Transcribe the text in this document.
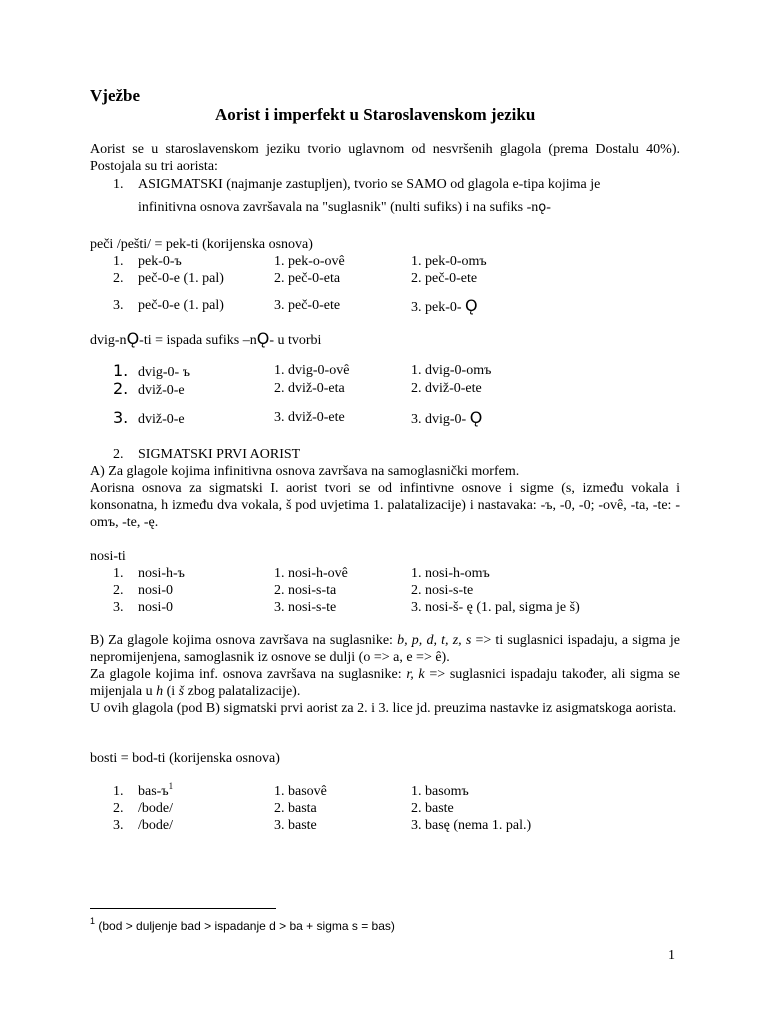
Vježbe
Aorist i imperfekt u Staroslavenskom jeziku
Aorist se u staroslavenskom jeziku tvorio uglavnom od nesvršenih glagola (prema Dostalu 40%). Postojala su tri aorista:
1. ASIGMATSKI (najmanje zastupljen), tvorio se SAMO od glagola e-tipa kojima je
infinitivna osnova završavala na "suglasnik" (nulti sufiks) i na sufiks -nǫ-
peči /pešti/ = pek-ti (korijenska osnova)
1. pek-0-ъ	1. pek-o-ovê	1. pek-0-omъ
2. peč-0-e (1. pal)	2. peč-0-eta	2. peč-0-ete
3. peč-0-e (1. pal)	3. peč-0-ete	3. pek-0- Ǫ
dvig-nǪ-ti = ispada sufiks –nǪ- u tvorbi
1. dvig-0- ъ	1. dvig-0-ovê	1. dvig-0-omъ
2. dviž-0-e	2. dviž-0-eta	2. dviž-0-ete
3. dviž-0-e	3. dviž-0-ete	3. dvig-0- Ǫ
2. SIGMATSKI PRVI AORIST
A) Za glagole kojima infinitivna osnova završava na samoglasnički morfem.
Aorisna osnova za sigmatski I. aorist tvori se od infintivne osnove i sigme (s, između vokala i konsonatna, h između dva vokala, š pod uvjetima 1. palatalizacije) i nastavaka: -ъ, -0, -0; -ovê, -ta, -te: -omъ, -te, -ę.
nosi-ti
1. nosi-h-ъ	1. nosi-h-ovê	1. nosi-h-omъ
2. nosi-0	2. nosi-s-ta	2. nosi-s-te
3. nosi-0	3. nosi-s-te	3. nosi-š- ę (1. pal, sigma je š)
B) Za glagole kojima osnova završava na suglasnike: b, p, d, t, z, s => ti suglasnici ispadaju, a sigma je nepromijenjena, samoglasnik iz osnove se dulji (o => a, e => ê).
Za glagole kojima inf. osnova završava na suglasnike: r, k => suglasnici ispadaju također, ali sigma se mijenjala u h (i š zbog palatalizacije).
U ovih glagola (pod B) sigmatski prvi aorist za 2. i 3. lice jd. preuzima nastavke iz asigmatskoga aorista.
bosti = bod-ti (korijenska osnova)
1. bas-$ъ^1$	1. basovê	1. basomъ
2. /bode/	2. basta	2. baste
3. /bode/	3. baste	3. basę (nema 1. pal.)
$^1$ (bod > duljenje bad > ispadanje d > ba + sigma s = bas)
1
